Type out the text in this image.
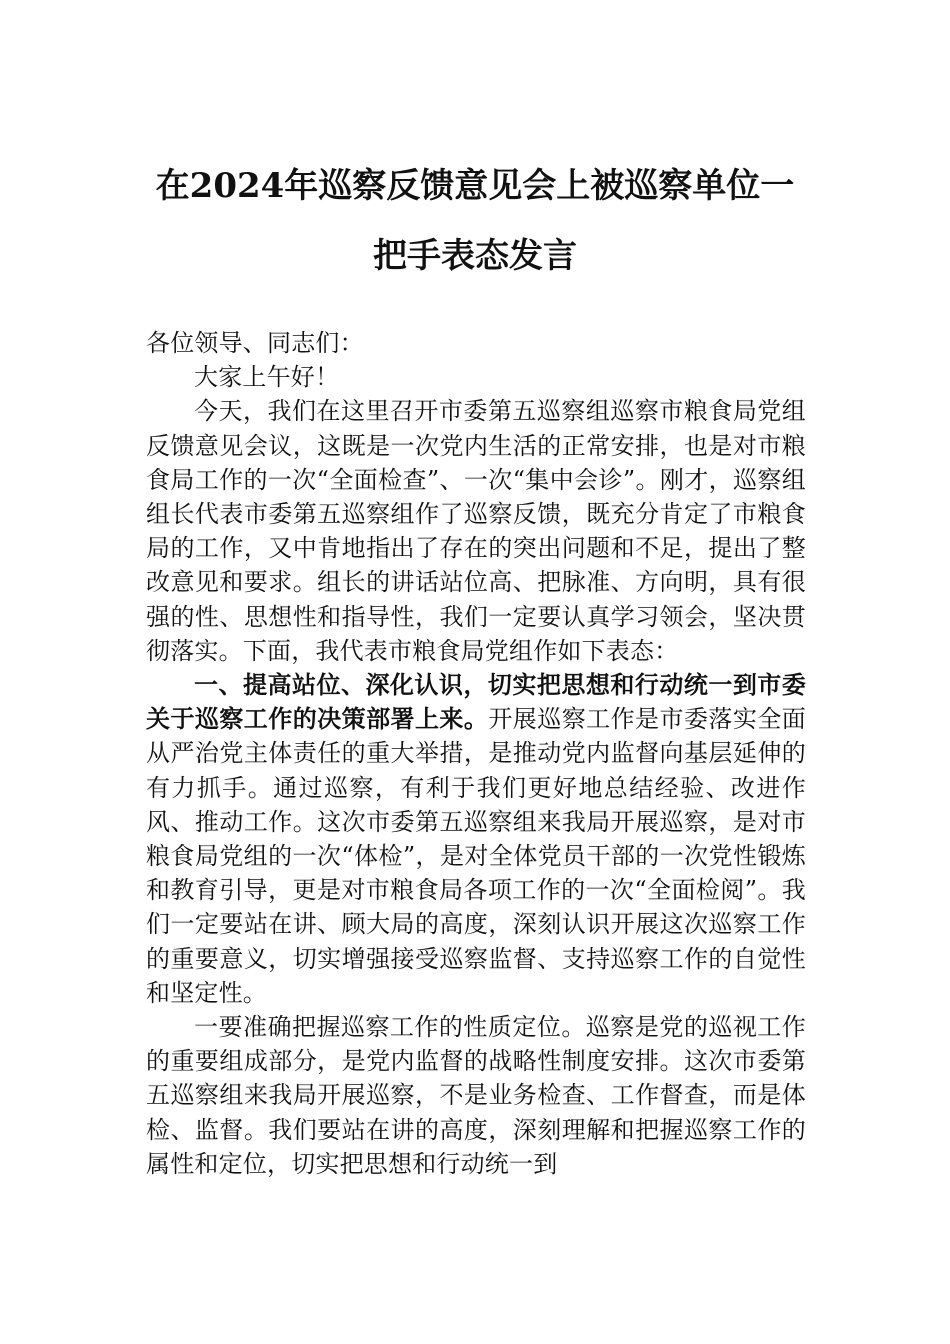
在2024年巡察反馈意见会上被巡察单位一
把手表态发言

各位领导、同志们：

大家上午好！

今天，我们在这里召开市委第五巡察组巡察市粮食局党组反馈意见会议，这既是一次党内生活的正常安排，也是对市粮食局工作的一次“全面检查”、一次“集中会诊”。刚才，巡察组组长代表市委第五巡察组作了巡察反馈，既充分肯定了市粮食局的工作，又中肯地指出了存在的突出问题和不足，提出了整改意见和要求。组长的讲话站位高、把脉准、方向明，具有很强的性、思想性和指导性，我们一定要认真学习领会，坚决贯彻落实。下面，我代表市粮食局党组作如下表态：

一、提高站位、深化认识，切实把思想和行动统一到市委关于巡察工作的决策部署上来。开展巡察工作是市委落实全面从严治党主体责任的重大举措，是推动党内监督向基层延伸的有力抓手。通过巡察，有利于我们更好地总结经验、改进作风、推动工作。这次市委第五巡察组来我局开展巡察，是对市粮食局党组的一次“体检”，是对全体党员干部的一次党性锻炼和教育引导，更是对市粮食局各项工作的一次“全面检阅”。我们一定要站在讲、顾大局的高度，深刻认识开展这次巡察工作的重要意义，切实增强接受巡察监督、支持巡察工作的自觉性和坚定性。

一要准确把握巡察工作的性质定位。巡察是党的巡视工作的重要组成部分，是党内监督的战略性制度安排。这次市委第五巡察组来我局开展巡察，不是业务检查、工作督查，而是体检、监督。我们要站在讲的高度，深刻理解和把握巡察工作的属性和定位，切实把思想和行动统一到
